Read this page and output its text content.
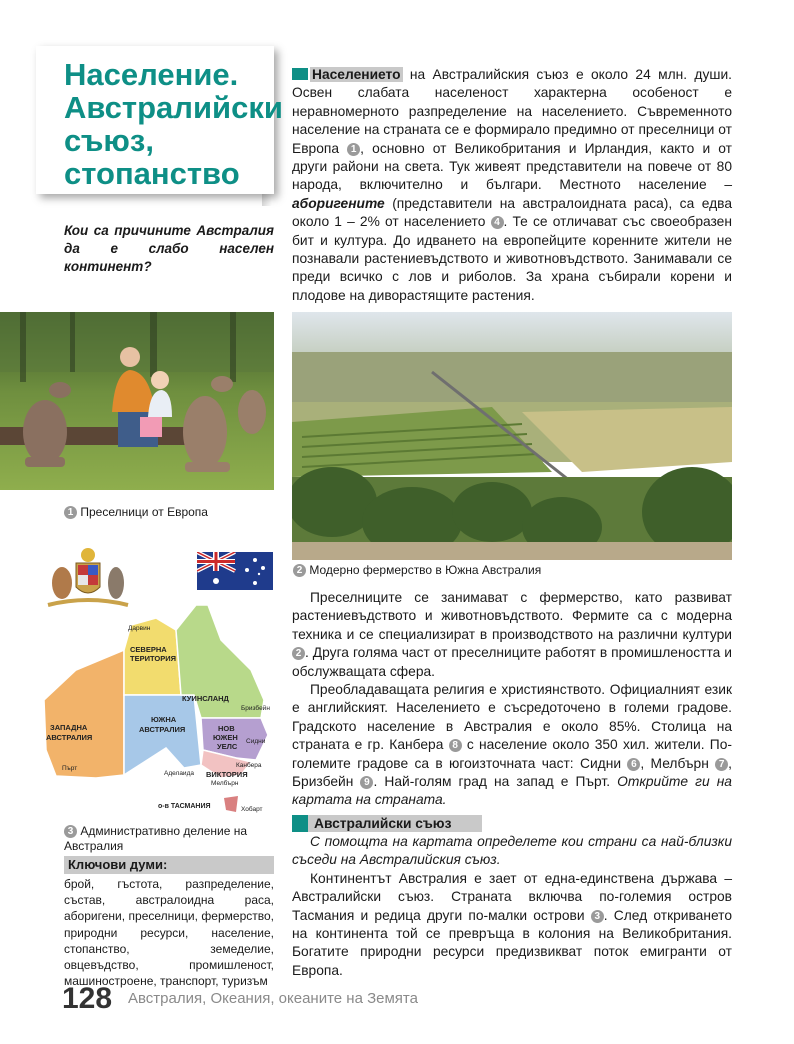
Население. Австралийски съюз, стопанство
Кои са причините Австралия да е слабо населен континент?

Населението на Австралийския съюз е около 24 млн. души. Освен слабата населеност характерна особеност е неравномерното разпределение на населението. Съвременното население на страната се е формирало предимно от преселници от Европа 1 , основно от Великобритания и Ирландия, както и от други райони на света. Тук живеят представители на повече от 80 народа, включително и българи. Местното население – аборигените (представители на австралоидната раса), са едва около 1 – 2% от населението 4 . Те се отличават със своеобразен бит и култура. До идването на европейците коренните жители не познавали растениевъдството и животновъдството. Занимавали се преди всичко с лов и риболов. За храна събирали корени и плодове на диворастящите растения.

1 Преселници от Европа
СЕВЕРНА
ТЕРИТОРИЯ
ЗАПАДНА
АВСТРАЛИЯ
ЮЖНА
АВСТРАЛИЯ
КУИНСЛАНД
НОВ
ЮЖЕН
УЕЛС
ВИКТОРИЯ
Дарвин
Бризбейн
Сидни
Канбера
Мелбърн
Аделаида
Пърт
Хобарт
о-в ТАСМАНИЯ
3 Административно деление на Австралия
Ключови думи:
брой, гъстота, разпределение, състав, австралоидна раса, аборигени, преселници, фермерство, природни ресурси, население, стопанство, земеделие, овцевъдство, промишленост, машиностроене, транспорт, туризъм
2 Модерно фермерство в Южна Австралия

Преселниците се занимават с фермерство, като развиват растениевъдството и животновъдството. Фермите са с модерна техника и се специализират в производството на различни култури 2 . Друга голяма част от преселниците работят в промишлеността и обслужващата сфера.

Преобладаващата религия е християнството. Официалният език е английският. Населението е съсредоточено в големи градове. Градското население в Австралия е около 85%. Столица на страната е гр. Канбера 8 с население около 350 хил. жители. По-големите градове са в югоизточната част: Сидни 6 , Мелбърн 7 , Бризбейн 9 . Най-голям град на запад е Пърт. Открийте ги на картата на страната.

Австралийски съюз

С помощта на картата определете кои страни са най-близки съседи на Австралийския съюз.

Континентът Австралия е зает от една-единствена държава – Австралийски съюз. Страната включва по-големия остров Тасмания и редица други по-малки острови 3 . След откриването на континента той се превръща в колония на Великобритания. Богатите природни ресурси предизвикват поток емигранти от Европа.

128 Австралия, Океания, океаните на Земята
